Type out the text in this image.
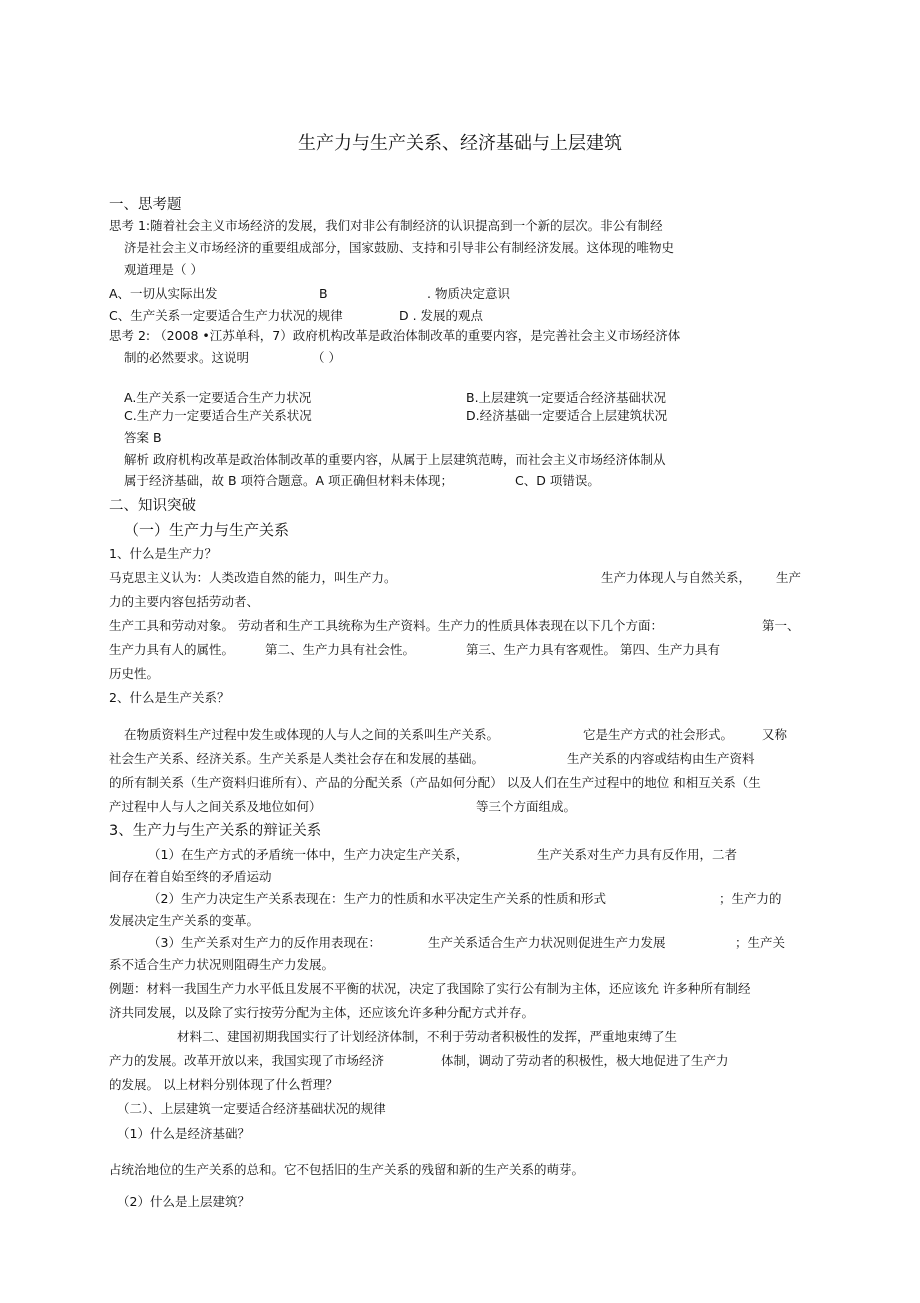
生产力与生产关系、经济基础与上层建筑
一、思考题
思考 1:随着社会主义市场经济的发展，我们对非公有制经济的认识提高到一个新的层次。非公有制经
济是社会主义市场经济的重要组成部分，国家鼓励、支持和引导非公有制经济发展。这体现的唯物史
观道理是（ ）
A、一切从实际出发	B	. 物质决定意识
C、生产关系一定要适合生产力状况的规律	D . 发展的观点
思考 2: （2008 •江苏单科，7）政府机构改革是政治体制改革的重要内容，是完善社会主义市场经济体
制的必然要求。这说明	（ ）
A.生产关系一定要适合生产力状况	B.上层建筑一定要适合经济基础状况
C.生产力一定要适合生产关系状况	D.经济基础一定要适合上层建筑状况
答案 B
解析 政府机构改革是政治体制改革的重要内容，从属于上层建筑范畴，而社会主义市场经济体制从
属于经济基础，故 B 项符合题意。A 项正确但材料未体现；	C、D 项错误。
二、知识突破
（一）生产力与生产关系
1、什么是生产力？
马克思主义认为：人类改造自然的能力，叫生产力。	生产力体现人与自然关系， 生产
力的主要内容包括劳动者、
生产工具和劳动对象。 劳动者和生产工具统称为生产资料。生产力的性质具体表现在以下几个方面：	第一、
生产力具有人的属性。 第二、生产力具有社会性。	第三、生产力具有客观性。 第四、生产力具有
历史性。
2、什么是生产关系？
在物质资料生产过程中发生或体现的人与人之间的关系叫生产关系。	它是生产方式的社会形式。 又称
社会生产关系、经济关系。生产关系是人类社会存在和发展的基础。	生产关系的内容或结构由生产资料
的所有制关系（生产资料归谁所有）、产品的分配关系（产品如何分配） 以及人们在生产过程中的地位 和相互关系（生
产过程中人与人之间关系及地位如何）	等三个方面组成。
3、生产力与生产关系的辩证关系
（1）在生产方式的矛盾统一体中，生产力决定生产关系，	生产关系对生产力具有反作用，二者
间存在着自始至终的矛盾运动
（2）生产力决定生产关系表现在：生产力的性质和水平决定生产关系的性质和形式	；生产力的
发展决定生产关系的变革。
（3）生产关系对生产力的反作用表现在：	生产关系适合生产力状况则促进生产力发展	；生产关
系不适合生产力状况则阻碍生产力发展。
例题：材料一我国生产力水平低且发展不平衡的状况，决定了我国除了实行公有制为主体，还应该允 许多种所有制经
济共同发展，以及除了实行按劳分配为主体，还应该允许多种分配方式并存。
材料二、建国初期我国实行了计划经济体制，不利于劳动者积极性的发挥，严重地束缚了生
产力的发展。改革开放以来，我国实现了市场经济	体制，调动了劳动者的积极性，极大地促进了生产力
的发展。 以上材料分别体现了什么哲理？
（二）、上层建筑一定要适合经济基础状况的规律
（1）什么是经济基础？
占统治地位的生产关系的总和。它不包括旧的生产关系的残留和新的生产关系的萌芽。
（2）什么是上层建筑？
